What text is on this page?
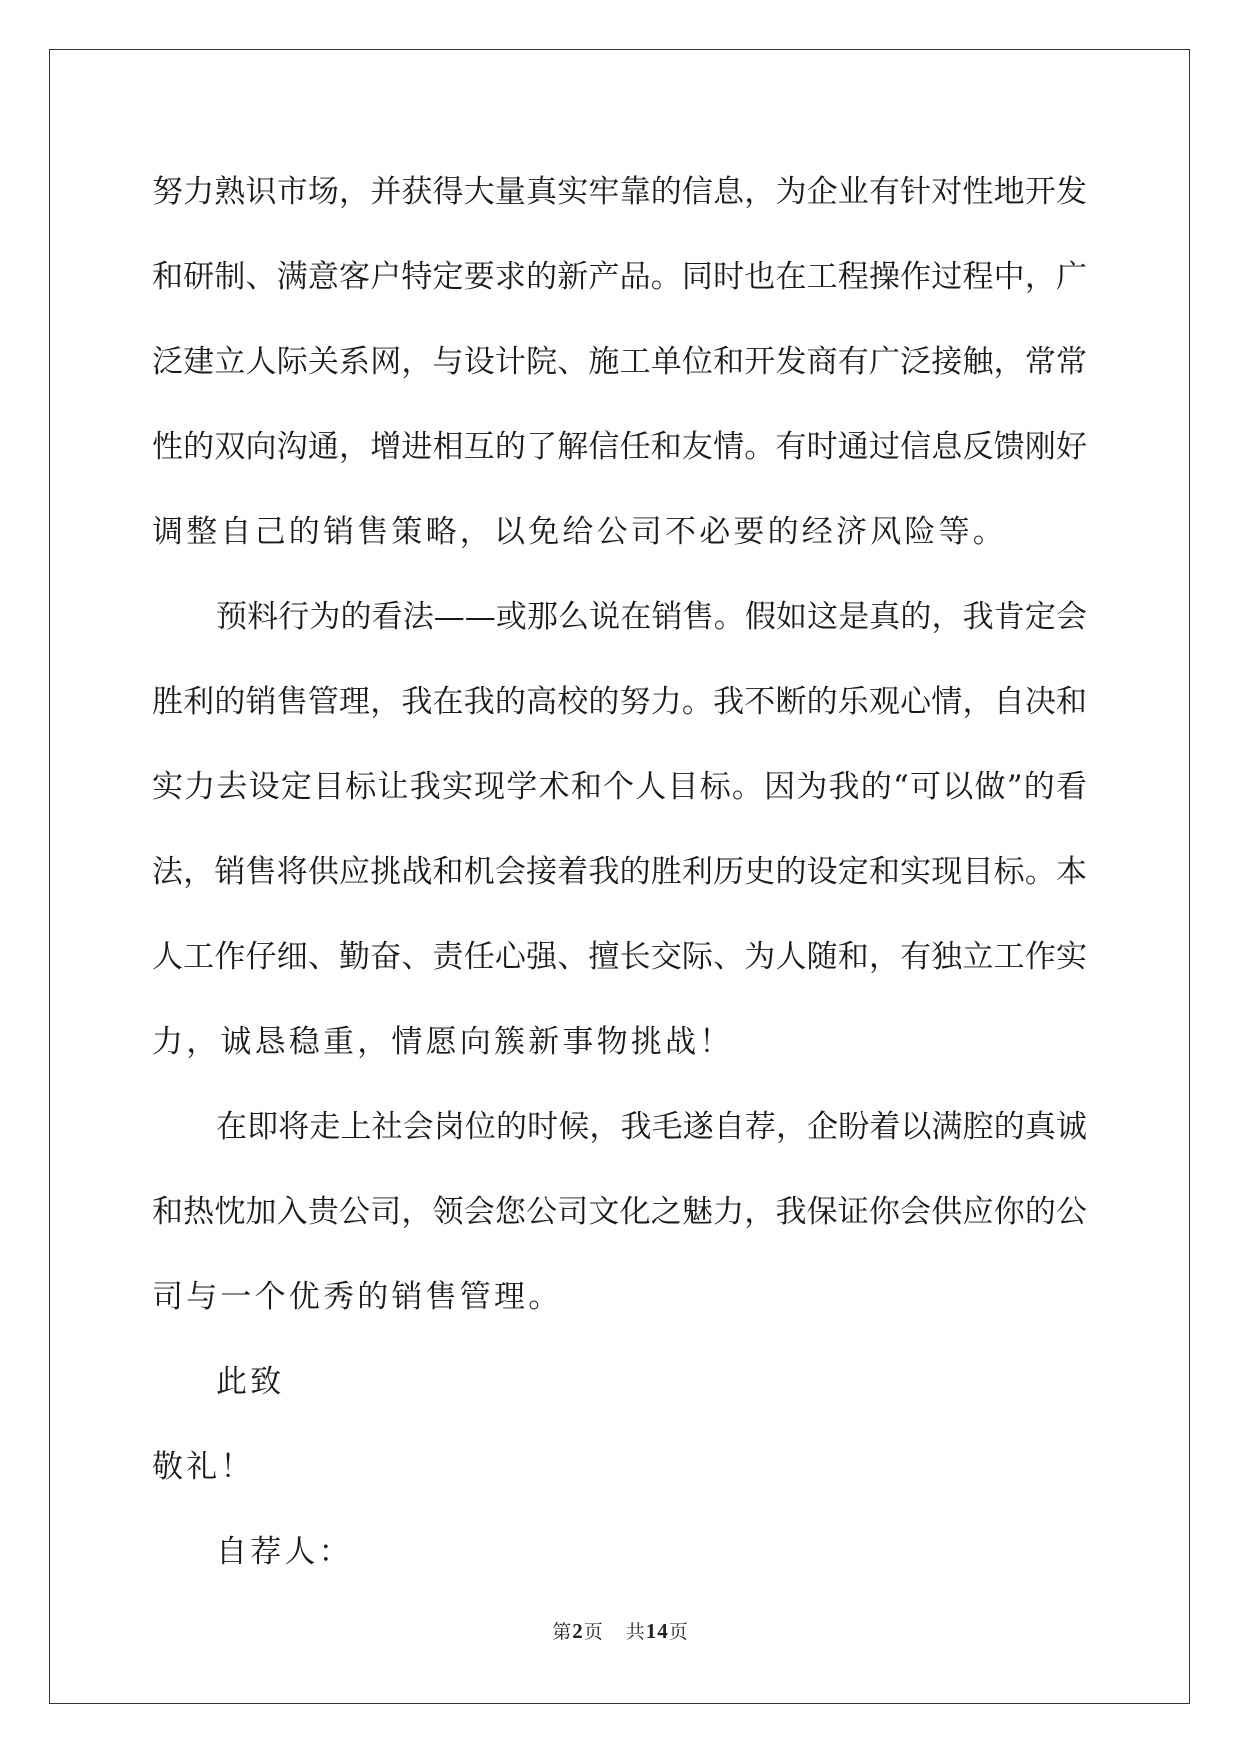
努力熟识市场，并获得大量真实牢靠的信息，为企业有针对性地开发
和研制、满意客户特定要求的新产品。同时也在工程操作过程中，广
泛建立人际关系网，与设计院、施工单位和开发商有广泛接触，常常
性的双向沟通，增进相互的了解信任和友情。有时通过信息反馈刚好
调整自己的销售策略，以免给公司不必要的经济风险等。
预料行为的看法——或那么说在销售。假如这是真的，我肯定会
胜利的销售管理，我在我的高校的努力。我不断的乐观心情，自决和
实力去设定目标让我实现学术和个人目标。因为我的“可以做”的看
法，销售将供应挑战和机会接着我的胜利历史的设定和实现目标。本
人工作仔细、勤奋、责任心强、擅长交际、为人随和，有独立工作实
力，诚恳稳重，情愿向簇新事物挑战！
在即将走上社会岗位的时候，我毛遂自荐，企盼着以满腔的真诚
和热忱加入贵公司，领会您公司文化之魅力，我保证你会供应你的公
司与一个优秀的销售管理。
此致
敬礼！
自荐人：
第2页 共14页
